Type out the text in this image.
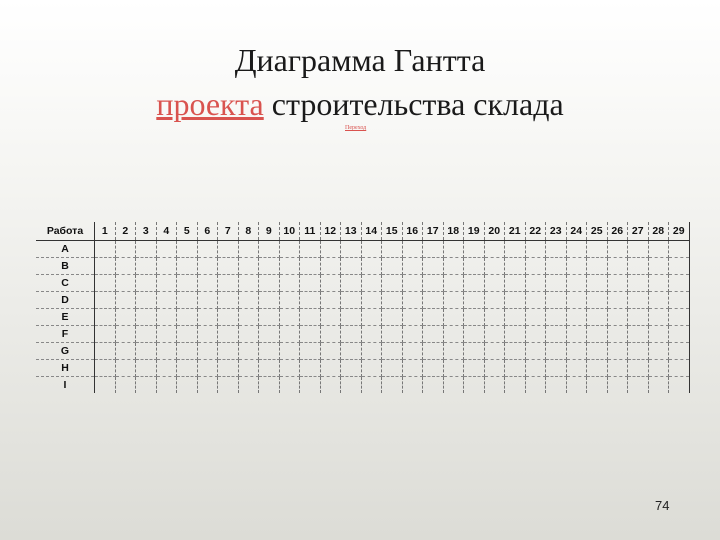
Диаграмма Гантта
проекта строительства склада
Переход
Работа	1	2	3	4	5	6	7	8	9	10	11	12	13	14	15	16	17	18	19	20	21	22	23	24	25	26	27	28	29
A																													
B																													
C																													
D																													
E																													
F																													
G																													
H																													
I																													
74
